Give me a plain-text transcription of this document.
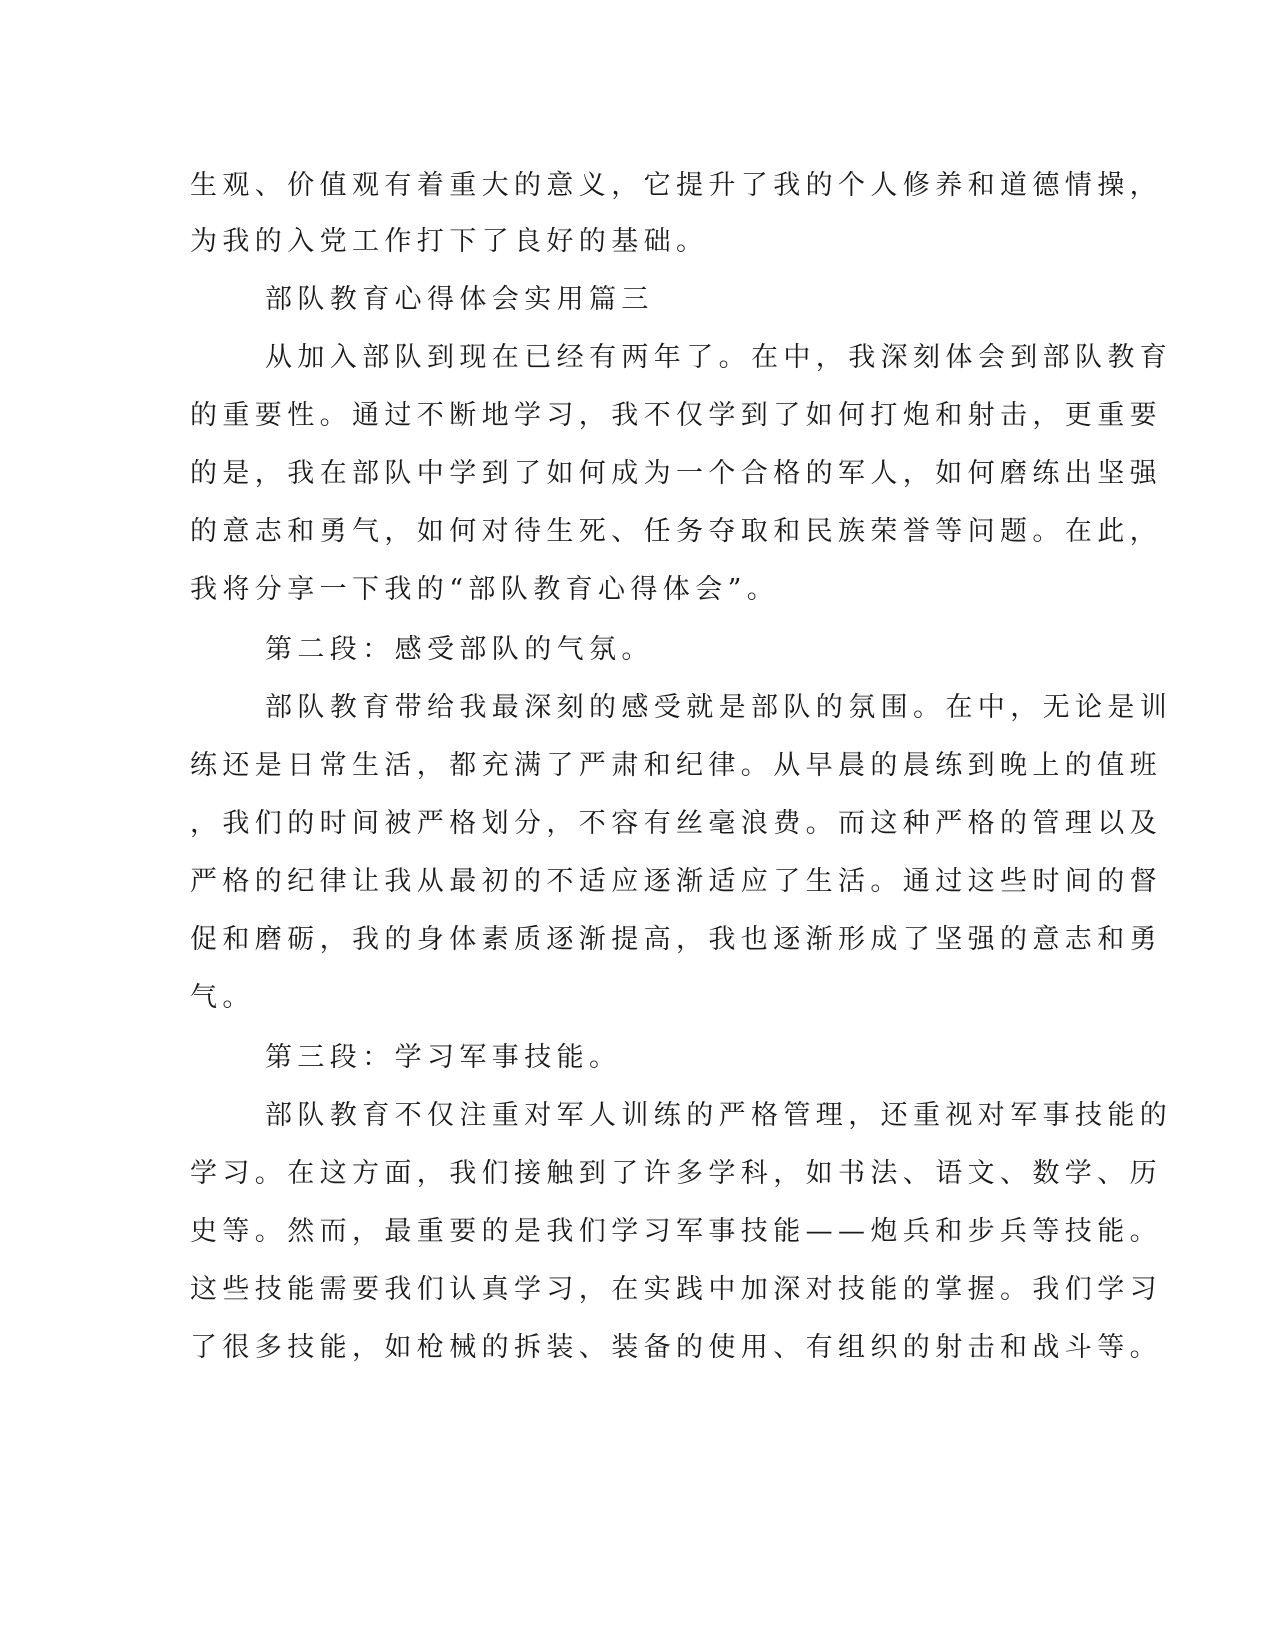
生观、价值观有着重大的意义，它提升了我的个人修养和道德情操，
为我的入党工作打下了良好的基础。
部队教育心得体会实用篇三
从加入部队到现在已经有两年了。在中，我深刻体会到部队教育
的重要性。通过不断地学习，我不仅学到了如何打炮和射击，更重要
的是，我在部队中学到了如何成为一个合格的军人，如何磨练出坚强
的意志和勇气，如何对待生死、任务夺取和民族荣誉等问题。在此，
我将分享一下我的“部队教育心得体会”。
第二段：感受部队的气氛。
部队教育带给我最深刻的感受就是部队的氛围。在中，无论是训
练还是日常生活，都充满了严肃和纪律。从早晨的晨练到晚上的值班
，我们的时间被严格划分，不容有丝毫浪费。而这种严格的管理以及
严格的纪律让我从最初的不适应逐渐适应了生活。通过这些时间的督
促和磨砺，我的身体素质逐渐提高，我也逐渐形成了坚强的意志和勇
气。
第三段：学习军事技能。
部队教育不仅注重对军人训练的严格管理，还重视对军事技能的
学习。在这方面，我们接触到了许多学科，如书法、语文、数学、历
史等。然而，最重要的是我们学习军事技能——炮兵和步兵等技能。
这些技能需要我们认真学习，在实践中加深对技能的掌握。我们学习
了很多技能，如枪械的拆装、装备的使用、有组织的射击和战斗等。
